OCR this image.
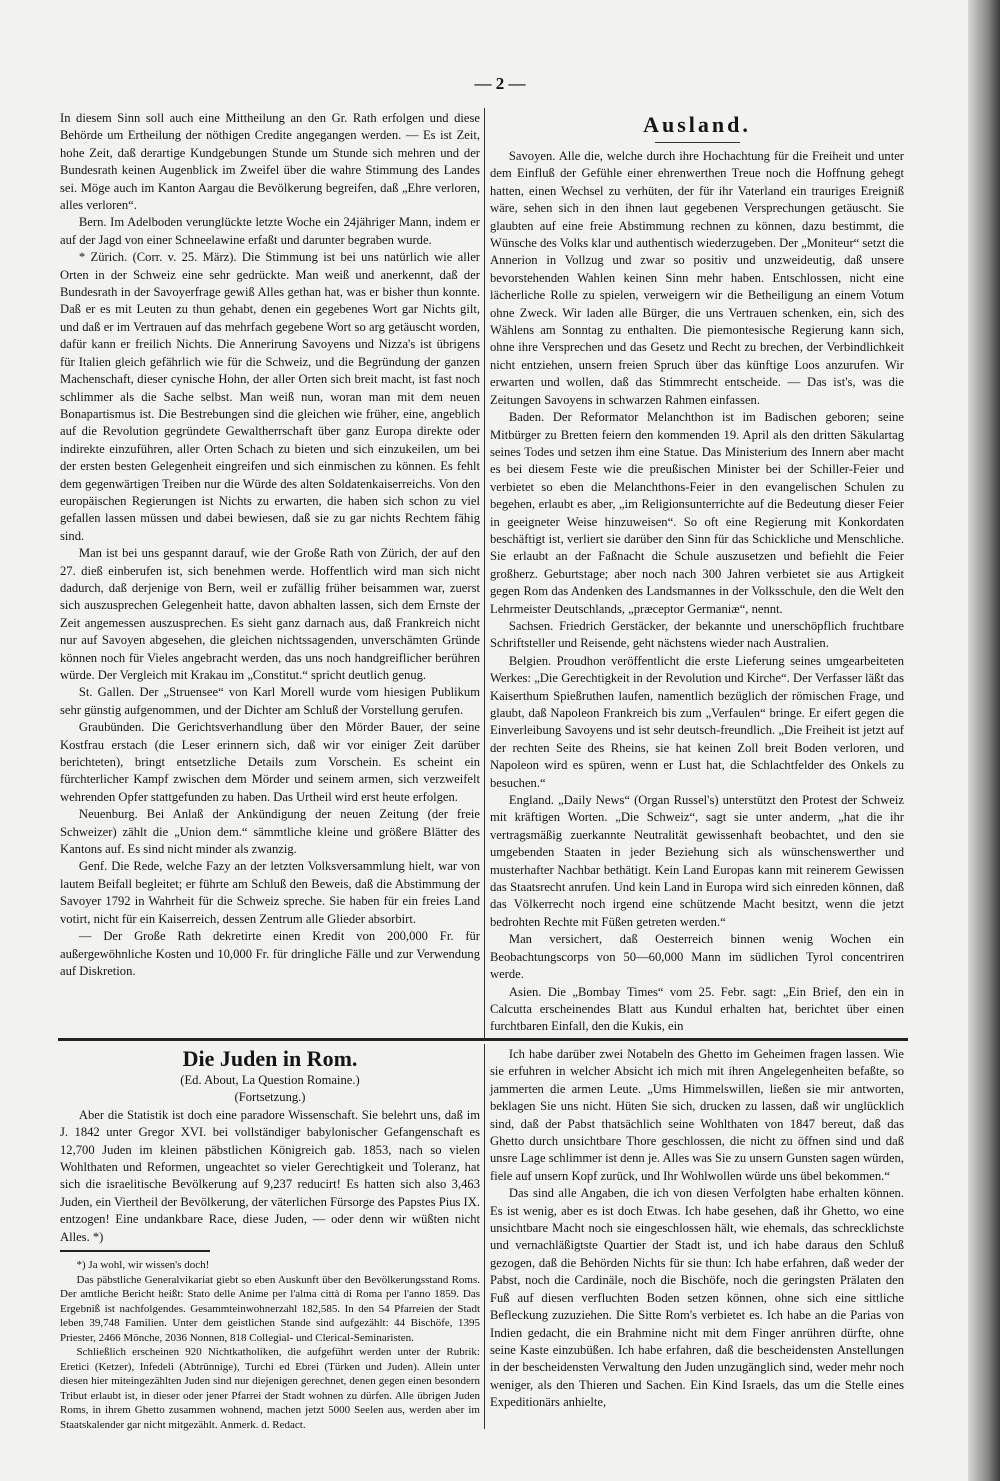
— 2 —

In diesem Sinn soll auch eine Mittheilung an den Gr. Rath erfolgen und diese Behörde um Ertheilung der nöthigen Credite angegangen werden. — Es ist Zeit, hohe Zeit, daß derartige Kundgebungen Stunde um Stunde sich mehren und der Bundesrath keinen Augenblick im Zweifel über die wahre Stimmung des Landes sei. Möge auch im Kanton Aargau die Bevölkerung begreifen, daß „Ehre verloren, alles verloren“.

Bern. Im Adelboden verunglückte letzte Woche ein 24jähriger Mann, indem er auf der Jagd von einer Schneelawine erfaßt und darunter begraben wurde.

* Zürich. (Corr. v. 25. März). Die Stimmung ist bei uns natürlich wie aller Orten in der Schweiz eine sehr gedrückte. Man weiß und anerkennt, daß der Bundesrath in der Savoyerfrage gewiß Alles gethan hat, was er bisher thun konnte. Daß er es mit Leuten zu thun gehabt, denen ein gegebenes Wort gar Nichts gilt, und daß er im Vertrauen auf das mehrfach gegebene Wort so arg getäuscht worden, dafür kann er freilich Nichts. Die Annerirung Savoyens und Nizza's ist übrigens für Italien gleich gefährlich wie für die Schweiz, und die Begründung der ganzen Machenschaft, dieser cynische Hohn, der aller Orten sich breit macht, ist fast noch schlimmer als die Sache selbst. Man weiß nun, woran man mit dem neuen Bonapartismus ist. Die Bestrebungen sind die gleichen wie früher, eine, angeblich auf die Revolution gegründete Gewaltherrschaft über ganz Europa direkte oder indirekte einzuführen, aller Orten Schach zu bieten und sich einzukeilen, um bei der ersten besten Gelegenheit eingreifen und sich einmischen zu können. Es fehlt dem gegenwärtigen Treiben nur die Würde des alten Soldatenkaiserreichs. Von den europäischen Regierungen ist Nichts zu erwarten, die haben sich schon zu viel gefallen lassen müssen und dabei bewiesen, daß sie zu gar nichts Rechtem fähig sind.

Man ist bei uns gespannt darauf, wie der Große Rath von Zürich, der auf den 27. dieß einberufen ist, sich benehmen werde. Hoffentlich wird man sich nicht dadurch, daß derjenige von Bern, weil er zufällig früher beisammen war, zuerst sich auszusprechen Gelegenheit hatte, davon abhalten lassen, sich dem Ernste der Zeit angemessen auszusprechen. Es sieht ganz darnach aus, daß Frankreich nicht nur auf Savoyen abgesehen, die gleichen nichtssagenden, unverschämten Gründe können noch für Vieles angebracht werden, das uns noch handgreiflicher berühren würde. Der Vergleich mit Krakau im „Constitut.“ spricht deutlich genug.

St. Gallen. Der „Struensee“ von Karl Morell wurde vom hiesigen Publikum sehr günstig aufgenommen, und der Dichter am Schluß der Vorstellung gerufen.

Graubünden. Die Gerichtsverhandlung über den Mörder Bauer, der seine Kostfrau erstach (die Leser erinnern sich, daß wir vor einiger Zeit darüber berichteten), bringt entsetzliche Details zum Vorschein. Es scheint ein fürchterlicher Kampf zwischen dem Mörder und seinem armen, sich verzweifelt wehrenden Opfer stattgefunden zu haben. Das Urtheil wird erst heute erfolgen.

Neuenburg. Bei Anlaß der Ankündigung der neuen Zeitung (der freie Schweizer) zählt die „Union dem.“ sämmtliche kleine und größere Blätter des Kantons auf. Es sind nicht minder als zwanzig.

Genf. Die Rede, welche Fazy an der letzten Volksversammlung hielt, war von lautem Beifall begleitet; er führte am Schluß den Beweis, daß die Abstimmung der Savoyer 1792 in Wahrheit für die Schweiz spreche. Sie haben für ein freies Land votirt, nicht für ein Kaiserreich, dessen Zentrum alle Glieder absorbirt.

— Der Große Rath dekretirte einen Kredit von 200,000 Fr. für außergewöhnliche Kosten und 10,000 Fr. für dringliche Fälle und zur Verwendung auf Diskretion.

Ausland.

Savoyen. Alle die, welche durch ihre Hochachtung für die Freiheit und unter dem Einfluß der Gefühle einer ehrenwerthen Treue noch die Hoffnung gehegt hatten, einen Wechsel zu verhüten, der für ihr Vaterland ein trauriges Ereigniß wäre, sehen sich in den ihnen laut gegebenen Versprechungen getäuscht. Sie glaubten auf eine freie Abstimmung rechnen zu können, dazu bestimmt, die Wünsche des Volks klar und authentisch wiederzugeben. Der „Moniteur“ setzt die Annerion in Vollzug und zwar so positiv und unzweideutig, daß unsere bevorstehenden Wahlen keinen Sinn mehr haben. Entschlossen, nicht eine lächerliche Rolle zu spielen, verweigern wir die Betheiligung an einem Votum ohne Zweck. Wir laden alle Bürger, die uns Vertrauen schenken, ein, sich des Wählens am Sonntag zu enthalten. Die piemontesische Regierung kann sich, ohne ihre Versprechen und das Gesetz und Recht zu brechen, der Verbindlichkeit nicht entziehen, unsern freien Spruch über das künftige Loos anzurufen. Wir erwarten und wollen, daß das Stimmrecht entscheide. — Das ist's, was die Zeitungen Savoyens in schwarzen Rahmen einfassen.

Baden. Der Reformator Melanchthon ist im Badischen geboren; seine Mitbürger zu Bretten feiern den kommenden 19. April als den dritten Säkulartag seines Todes und setzen ihm eine Statue. Das Ministerium des Innern aber macht es bei diesem Feste wie die preußischen Minister bei der Schiller-Feier und verbietet so eben die Melanchthons-Feier in den evangelischen Schulen zu begehen, erlaubt es aber, „im Religionsunterrichte auf die Bedeutung dieser Feier in geeigneter Weise hinzuweisen“. So oft eine Regierung mit Konkordaten beschäftigt ist, verliert sie darüber den Sinn für das Schickliche und Menschliche. Sie erlaubt an der Faßnacht die Schule auszusetzen und befiehlt die Feier großherz. Geburtstage; aber noch nach 300 Jahren verbietet sie aus Artigkeit gegen Rom das Andenken des Landsmannes in der Volksschule, den die Welt den Lehrmeister Deutschlands, „præceptor Germaniæ“, nennt.

Sachsen. Friedrich Gerstäcker, der bekannte und unerschöpflich fruchtbare Schriftsteller und Reisende, geht nächstens wieder nach Australien.

Belgien. Proudhon veröffentlicht die erste Lieferung seines umgearbeiteten Werkes: „Die Gerechtigkeit in der Revolution und Kirche“. Der Verfasser läßt das Kaiserthum Spießruthen laufen, namentlich bezüglich der römischen Frage, und glaubt, daß Napoleon Frankreich bis zum „Verfaulen“ bringe. Er eifert gegen die Einverleibung Savoyens und ist sehr deutsch-freundlich. „Die Freiheit ist jetzt auf der rechten Seite des Rheins, sie hat keinen Zoll breit Boden verloren, und Napoleon wird es spüren, wenn er Lust hat, die Schlachtfelder des Onkels zu besuchen.“

England. „Daily News“ (Organ Russel's) unterstützt den Protest der Schweiz mit kräftigen Worten. „Die Schweiz“, sagt sie unter anderm, „hat die ihr vertragsmäßig zuerkannte Neutralität gewissenhaft beobachtet, und den sie umgebenden Staaten in jeder Beziehung sich als wünschenswerther und musterhafter Nachbar bethätigt. Kein Land Europas kann mit reinerem Gewissen das Staatsrecht anrufen. Und kein Land in Europa wird sich einreden können, daß das Völkerrecht noch irgend eine schützende Macht besitzt, wenn die jetzt bedrohten Rechte mit Füßen getreten werden.“

Man versichert, daß Oesterreich binnen wenig Wochen ein Beobachtungscorps von 50—60,000 Mann im südlichen Tyrol concentriren werde.

Asien. Die „Bombay Times“ vom 25. Febr. sagt: „Ein Brief, den ein in Calcutta erscheinendes Blatt aus Kundul erhalten hat, berichtet über einen furchtbaren Einfall, den die Kukis, ein

Die Juden in Rom.

(Ed. About, La Question Romaine.)

(Fortsetzung.)

Aber die Statistik ist doch eine paradore Wissenschaft. Sie belehrt uns, daß im J. 1842 unter Gregor XVI. bei vollständiger babylonischer Gefangenschaft es 12,700 Juden im kleinen päbstlichen Königreich gab. 1853, nach so vielen Wohlthaten und Reformen, ungeachtet so vieler Gerechtigkeit und Toleranz, hat sich die israelitische Bevölkerung auf 9,237 reducirt! Es hatten sich also 3,463 Juden, ein Viertheil der Bevölkerung, der väterlichen Fürsorge des Papstes Pius IX. entzogen! Eine undankbare Race, diese Juden, — oder denn wir wüßten nicht Alles. *)

*) Ja wohl, wir wissen's doch!

Das päbstliche Generalvikariat giebt so eben Auskunft über den Bevölkerungsstand Roms. Der amtliche Bericht heißt: Stato delle Anime per l'alma città di Roma per l'anno 1859. Das Ergebniß ist nachfolgendes. Gesammteinwohnerzahl 182,585. In den 54 Pfarreien der Stadt leben 39,748 Familien. Unter dem geistlichen Stande sind aufgezählt: 44 Bischöfe, 1395 Priester, 2466 Mönche, 2036 Nonnen, 818 Collegial- und Clerical-Seminaristen.

Schließlich erscheinen 920 Nichtkatholiken, die aufgeführt werden unter der Rubrik: Eretici (Ketzer), Infedeli (Abtrünnige), Turchi ed Ebrei (Türken und Juden). Allein unter diesen hier miteingezählten Juden sind nur diejenigen gerechnet, denen gegen einen besondern Tribut erlaubt ist, in dieser oder jener Pfarrei der Stadt wohnen zu dürfen. Alle übrigen Juden Roms, in ihrem Ghetto zusammen wohnend, machen jetzt 5000 Seelen aus, werden aber im Staatskalender gar nicht mitgezählt. Anmerk. d. Redact.

Ich habe darüber zwei Notabeln des Ghetto im Geheimen fragen lassen. Wie sie erfuhren in welcher Absicht ich mich mit ihren Angelegenheiten befaßte, so jammerten die armen Leute. „Ums Himmelswillen, ließen sie mir antworten, beklagen Sie uns nicht. Hüten Sie sich, drucken zu lassen, daß wir unglücklich sind, daß der Pabst thatsächlich seine Wohlthaten von 1847 bereut, daß das Ghetto durch unsichtbare Thore geschlossen, die nicht zu öffnen sind und daß unsre Lage schlimmer ist denn je. Alles was Sie zu unsern Gunsten sagen würden, fiele auf unsern Kopf zurück, und Ihr Wohlwollen würde uns übel bekommen.“

Das sind alle Angaben, die ich von diesen Verfolgten habe erhalten können. Es ist wenig, aber es ist doch Etwas. Ich habe gesehen, daß ihr Ghetto, wo eine unsichtbare Macht noch sie eingeschlossen hält, wie ehemals, das schrecklichste und vernachläßigtste Quartier der Stadt ist, und ich habe daraus den Schluß gezogen, daß die Behörden Nichts für sie thun: Ich habe erfahren, daß weder der Pabst, noch die Cardinäle, noch die Bischöfe, noch die geringsten Prälaten den Fuß auf diesen verfluchten Boden setzen können, ohne sich eine sittliche Befleckung zuzuziehen. Die Sitte Rom's verbietet es. Ich habe an die Parias von Indien gedacht, die ein Brahmine nicht mit dem Finger anrühren dürfte, ohne seine Kaste einzubüßen. Ich habe erfahren, daß die bescheidensten Anstellungen in der bescheidensten Verwaltung den Juden unzugänglich sind, weder mehr noch weniger, als den Thieren und Sachen. Ein Kind Israels, das um die Stelle eines Expeditionärs anhielte,
